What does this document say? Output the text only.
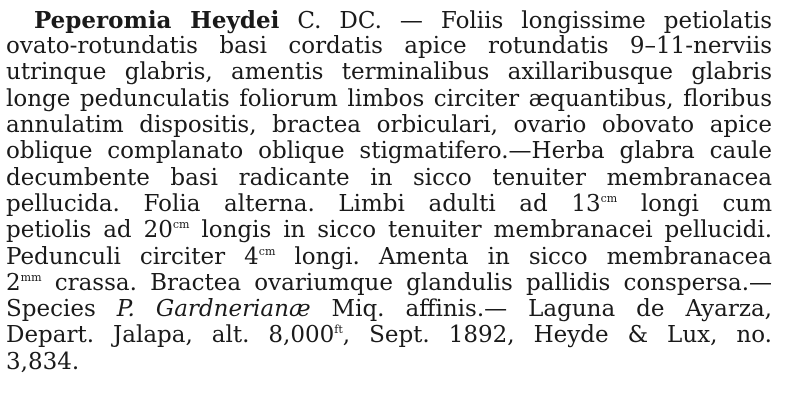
Peperomia Heydei C. DC. — Foliis longissime petiolatis
ovato-rotundatis basi cordatis apice rotundatis 9–11-nerviis
utrinque glabris, amentis terminalibus axillaribusque glabris
longe pedunculatis foliorum limbos circiter æquantibus, floribus
annulatim dispositis, bractea orbiculari, ovario obovato apice
oblique complanato oblique stigmatifero.—Herba glabra caule
decumbente basi radicante in sicco tenuiter membranacea
pellucida. Folia alterna. Limbi adulti ad $13^{cm}$ longi cum
petiolis ad $20^{cm}$ longis in sicco tenuiter membranacei pellucidi.
Pedunculi circiter $4^{cm}$ longi. Amenta in sicco membranacea
$2^{mm}$ crassa. Bractea ovariumque glandulis pallidis conspersa.—
Species P. Gardnerianæ Miq. affinis.— Laguna de Ayarza,
Depart. Jalapa, alt. $8,000^{ft}$, Sept. 1892, Heyde & Lux, no.
3,834.
